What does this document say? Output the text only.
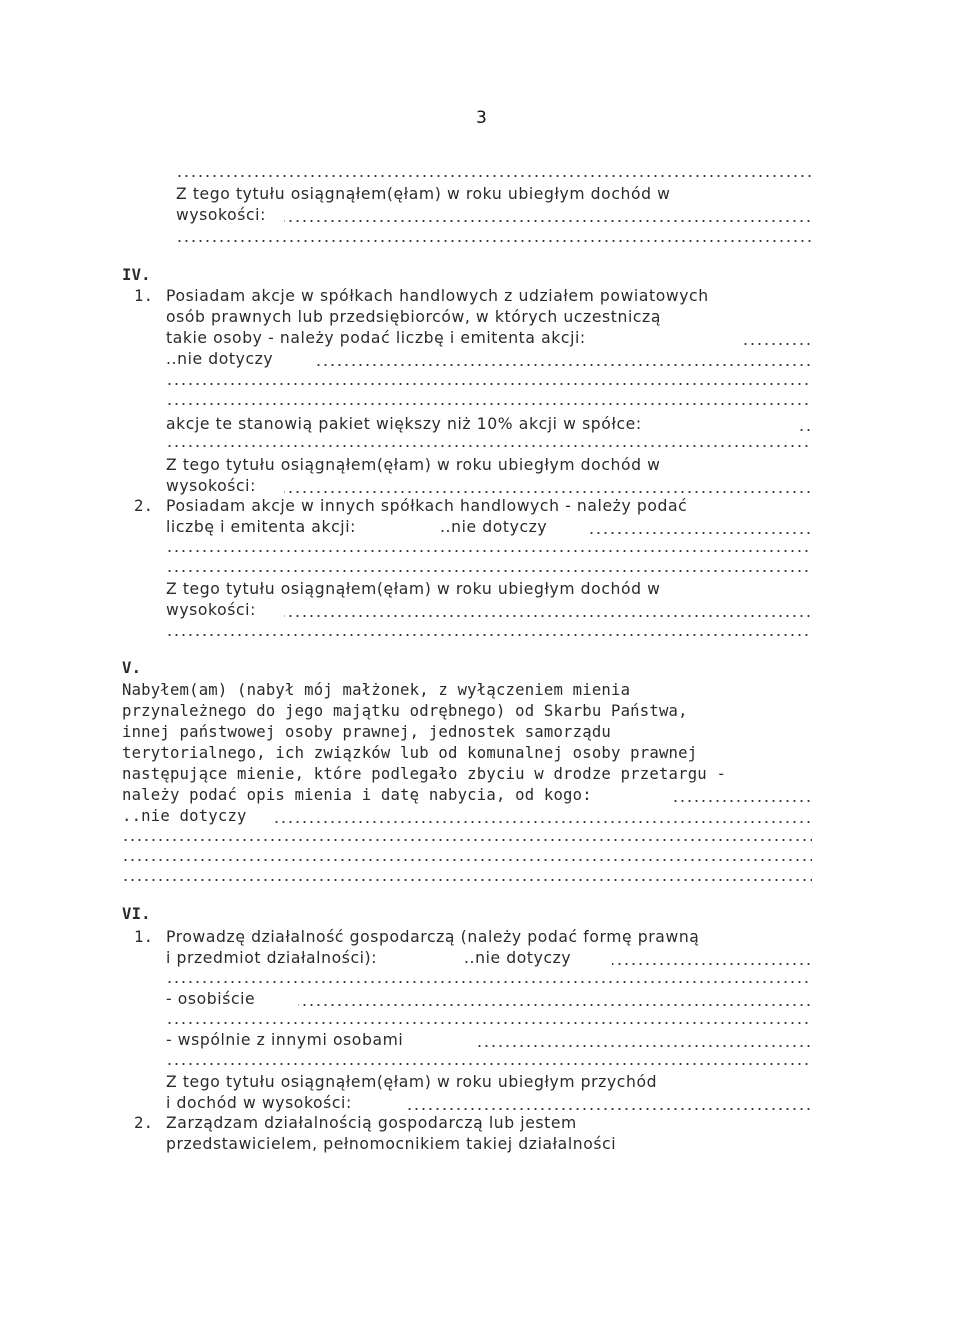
3
Z tego tytułu osiągnąłem(ęłam) w roku ubiegłym dochód w
wysokości:
IV.
1. Posiadam akcje w spółkach handlowych z udziałem powiatowych
osób prawnych lub przedsiębiorców, w których uczestniczą
takie osoby - należy podać liczbę i emitenta akcji:
..nie dotyczy
akcje te stanowią pakiet większy niż 10% akcji w spółce:
Z tego tytułu osiągnąłem(ęłam) w roku ubiegłym dochód w
wysokości:
2. Posiadam akcje w innych spółkach handlowych - należy podać
liczbę i emitenta akcji:	..nie dotyczy
Z tego tytułu osiągnąłem(ęłam) w roku ubiegłym dochód w
wysokości:
V.
Nabyłem(am) (nabył mój małżonek, z wyłączeniem mienia
przynależnego do jego majątku odrębnego) od Skarbu Państwa,
innej państwowej osoby prawnej, jednostek samorządu
terytorialnego, ich związków lub od komunalnej osoby prawnej
następujące mienie, które podlegało zbyciu w drodze przetargu -
należy podać opis mienia i datę nabycia, od kogo:
..nie dotyczy
VI.
1. Prowadzę działalność gospodarczą (należy podać formę prawną
i przedmiot działalności):	..nie dotyczy
- osobiście
- wspólnie z innymi osobami
Z tego tytułu osiągnąłem(ęłam) w roku ubiegłym przychód
i dochód w wysokości:
2. Zarządzam działalnością gospodarczą lub jestem
przedstawicielem, pełnomocnikiem takiej działalności
